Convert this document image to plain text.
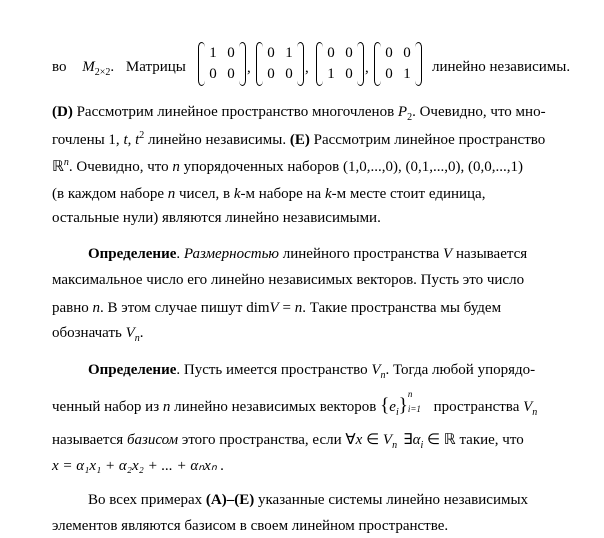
во $M_{2\times 2}$. Матрицы
1 0
0 0 ,
0 1
0 0 ,
0 0
1 0 ,
0 0
0 1 линейно независимы.
(D) Рассмотрим линейное пространство многочленов $P_2$. Очевидно, что мно-
гочлены 1, t, $t^2$ линейно независимы. (E) Рассмотрим линейное пространство
ℝ$^n$. Очевидно, что n упорядоченных наборов (1,0,...,0), (0,1,...,0), (0,0,...,1)
(в каждом наборе n чисел, в k-м наборе на k-м месте стоит единица,
остальные нули) являются линейно независимыми.
Определение. Размерностью линейного пространства V называется
максимальное число его линейно независимых векторов. Пусть это число
равно n. В этом случае пишут dimV = n. Такие пространства мы будем
обозначать $V_n$.
Определение. Пусть имеется пространство $V_n$. Тогда любой упорядо-
ченный набор из n линейно независимых векторов $\{e_i\}$
n
i=1 пространства $V_n$
называется базисом этого пространства, если ∀x ∈ $V_n$ $\exists\alpha_i$ ∈ ℝ такие, что
x = α₁x₁ + α₂x₂ + ... + αₙxₙ .
Во всех примерах (A)–(E) указанные системы линейно независимых
элементов являются базисом в своем линейном пространстве.
